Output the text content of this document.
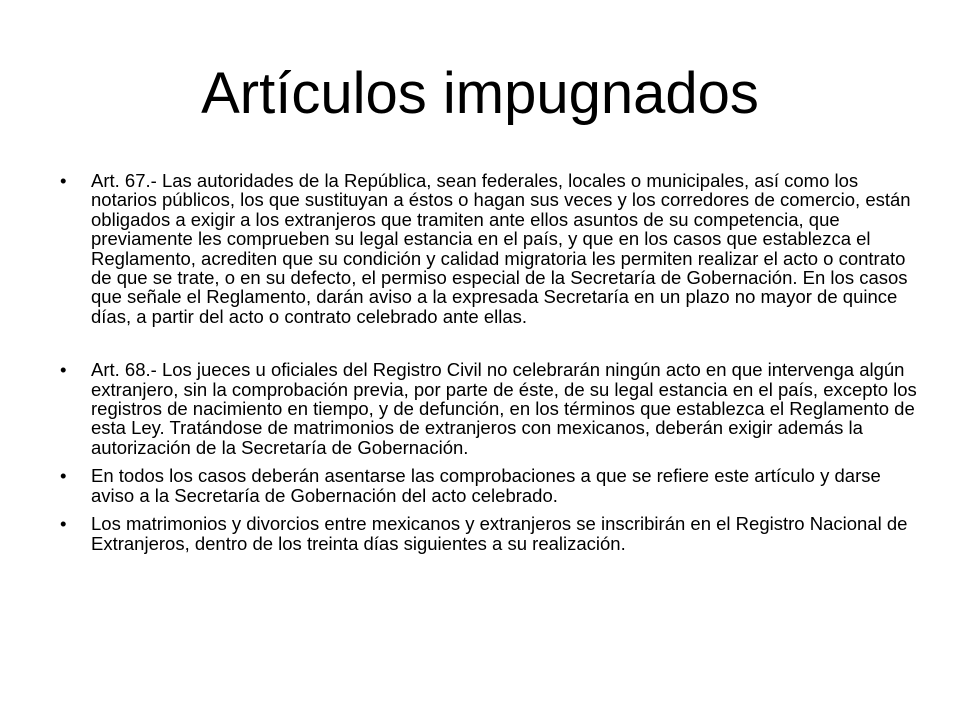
Artículos impugnados
• Art. 67.- Las autoridades de la República, sean federales, locales o municipales, así como los notarios públicos, los que sustituyan a éstos o hagan sus veces y los corredores de comercio, están obligados a exigir a los extranjeros que tramiten ante ellos asuntos de su competencia, que previamente les comprueben su legal estancia en el país, y que en los casos que establezca el Reglamento, acrediten que su condición y calidad migratoria les permiten realizar el acto o contrato de que se trate, o en su defecto, el permiso especial de la Secretaría de Gobernación. En los casos que señale el Reglamento, darán aviso a la expresada Secretaría en un plazo no mayor de quince días, a partir del acto o contrato celebrado ante ellas.
• Art. 68.- Los jueces u oficiales del Registro Civil no celebrarán ningún acto en que intervenga algún extranjero, sin la comprobación previa, por parte de éste, de su legal estancia en el país, excepto los registros de nacimiento en tiempo, y de defunción, en los términos que establezca el Reglamento de esta Ley. Tratándose de matrimonios de extranjeros con mexicanos, deberán exigir además la autorización de la Secretaría de Gobernación.
• En todos los casos deberán asentarse las comprobaciones a que se refiere este artículo y darse aviso a la Secretaría de Gobernación del acto celebrado.
• Los matrimonios y divorcios entre mexicanos y extranjeros se inscribirán en el Registro Nacional de Extranjeros, dentro de los treinta días siguientes a su realización.
